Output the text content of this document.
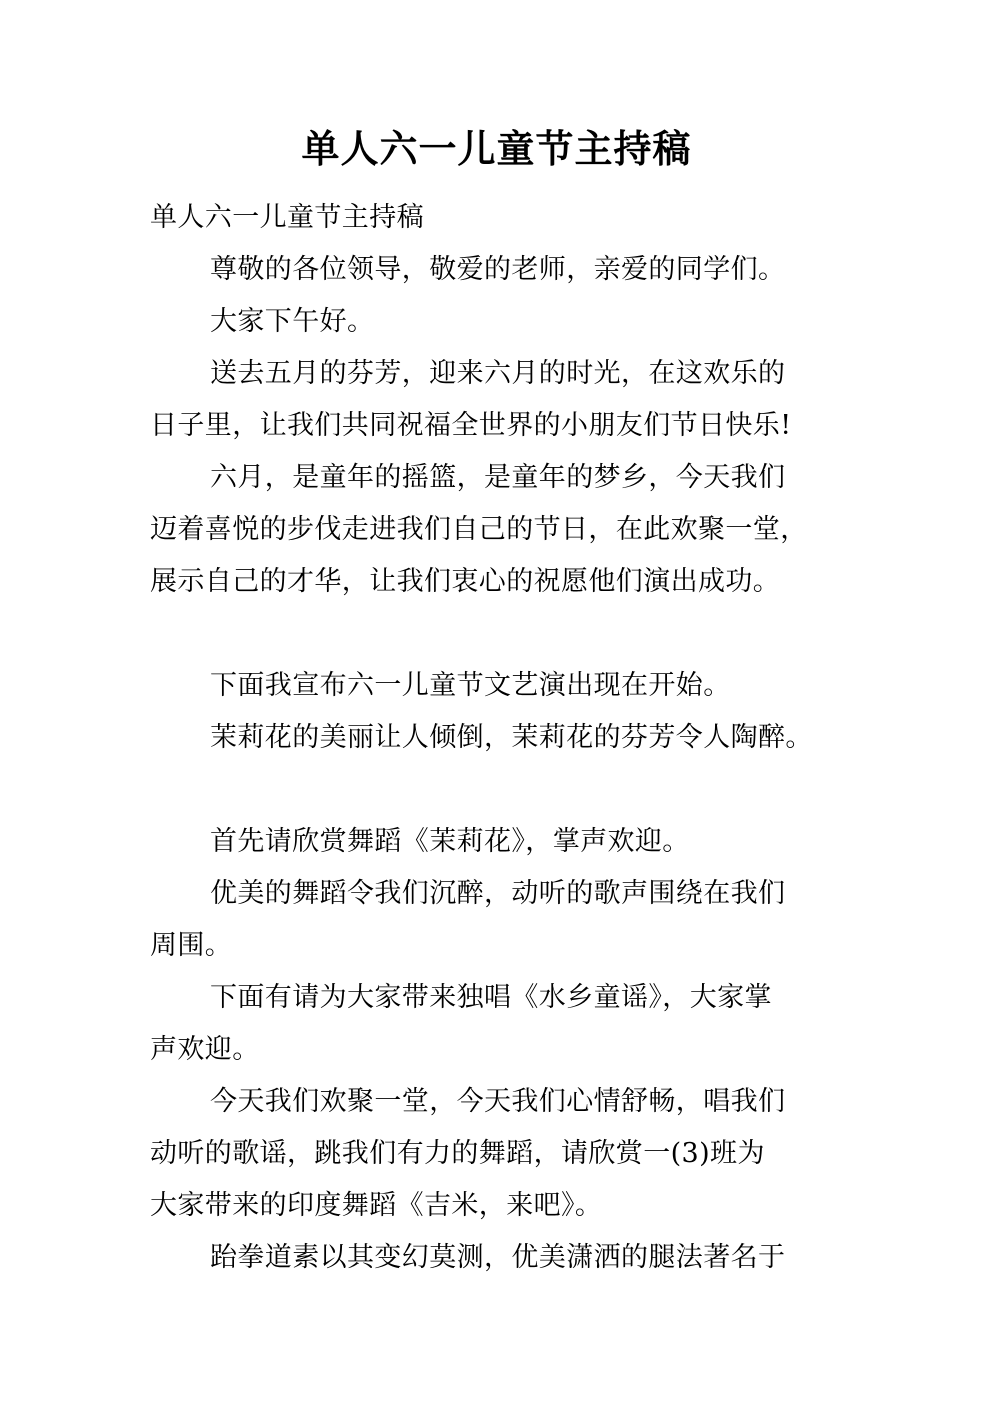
单人六一儿童节主持稿
单人六一儿童节主持稿
尊敬的各位领导，敬爱的老师，亲爱的同学们。
大家下午好。
送去五月的芬芳，迎来六月的时光，在这欢乐的
日子里，让我们共同祝福全世界的小朋友们节日快乐!
六月，是童年的摇篮，是童年的梦乡，今天我们
迈着喜悦的步伐走进我们自己的节日，在此欢聚一堂，
展示自己的才华，让我们衷心的祝愿他们演出成功。
下面我宣布六一儿童节文艺演出现在开始。
茉莉花的美丽让人倾倒，茉莉花的芬芳令人陶醉。
首先请欣赏舞蹈《茉莉花》，掌声欢迎。
优美的舞蹈令我们沉醉，动听的歌声围绕在我们
周围。
下面有请为大家带来独唱《水乡童谣》，大家掌
声欢迎。
今天我们欢聚一堂，今天我们心情舒畅，唱我们
动听的歌谣，跳我们有力的舞蹈，请欣赏一(3)班为
大家带来的印度舞蹈《吉米，来吧》。
跆拳道素以其变幻莫测，优美潇洒的腿法著名于
